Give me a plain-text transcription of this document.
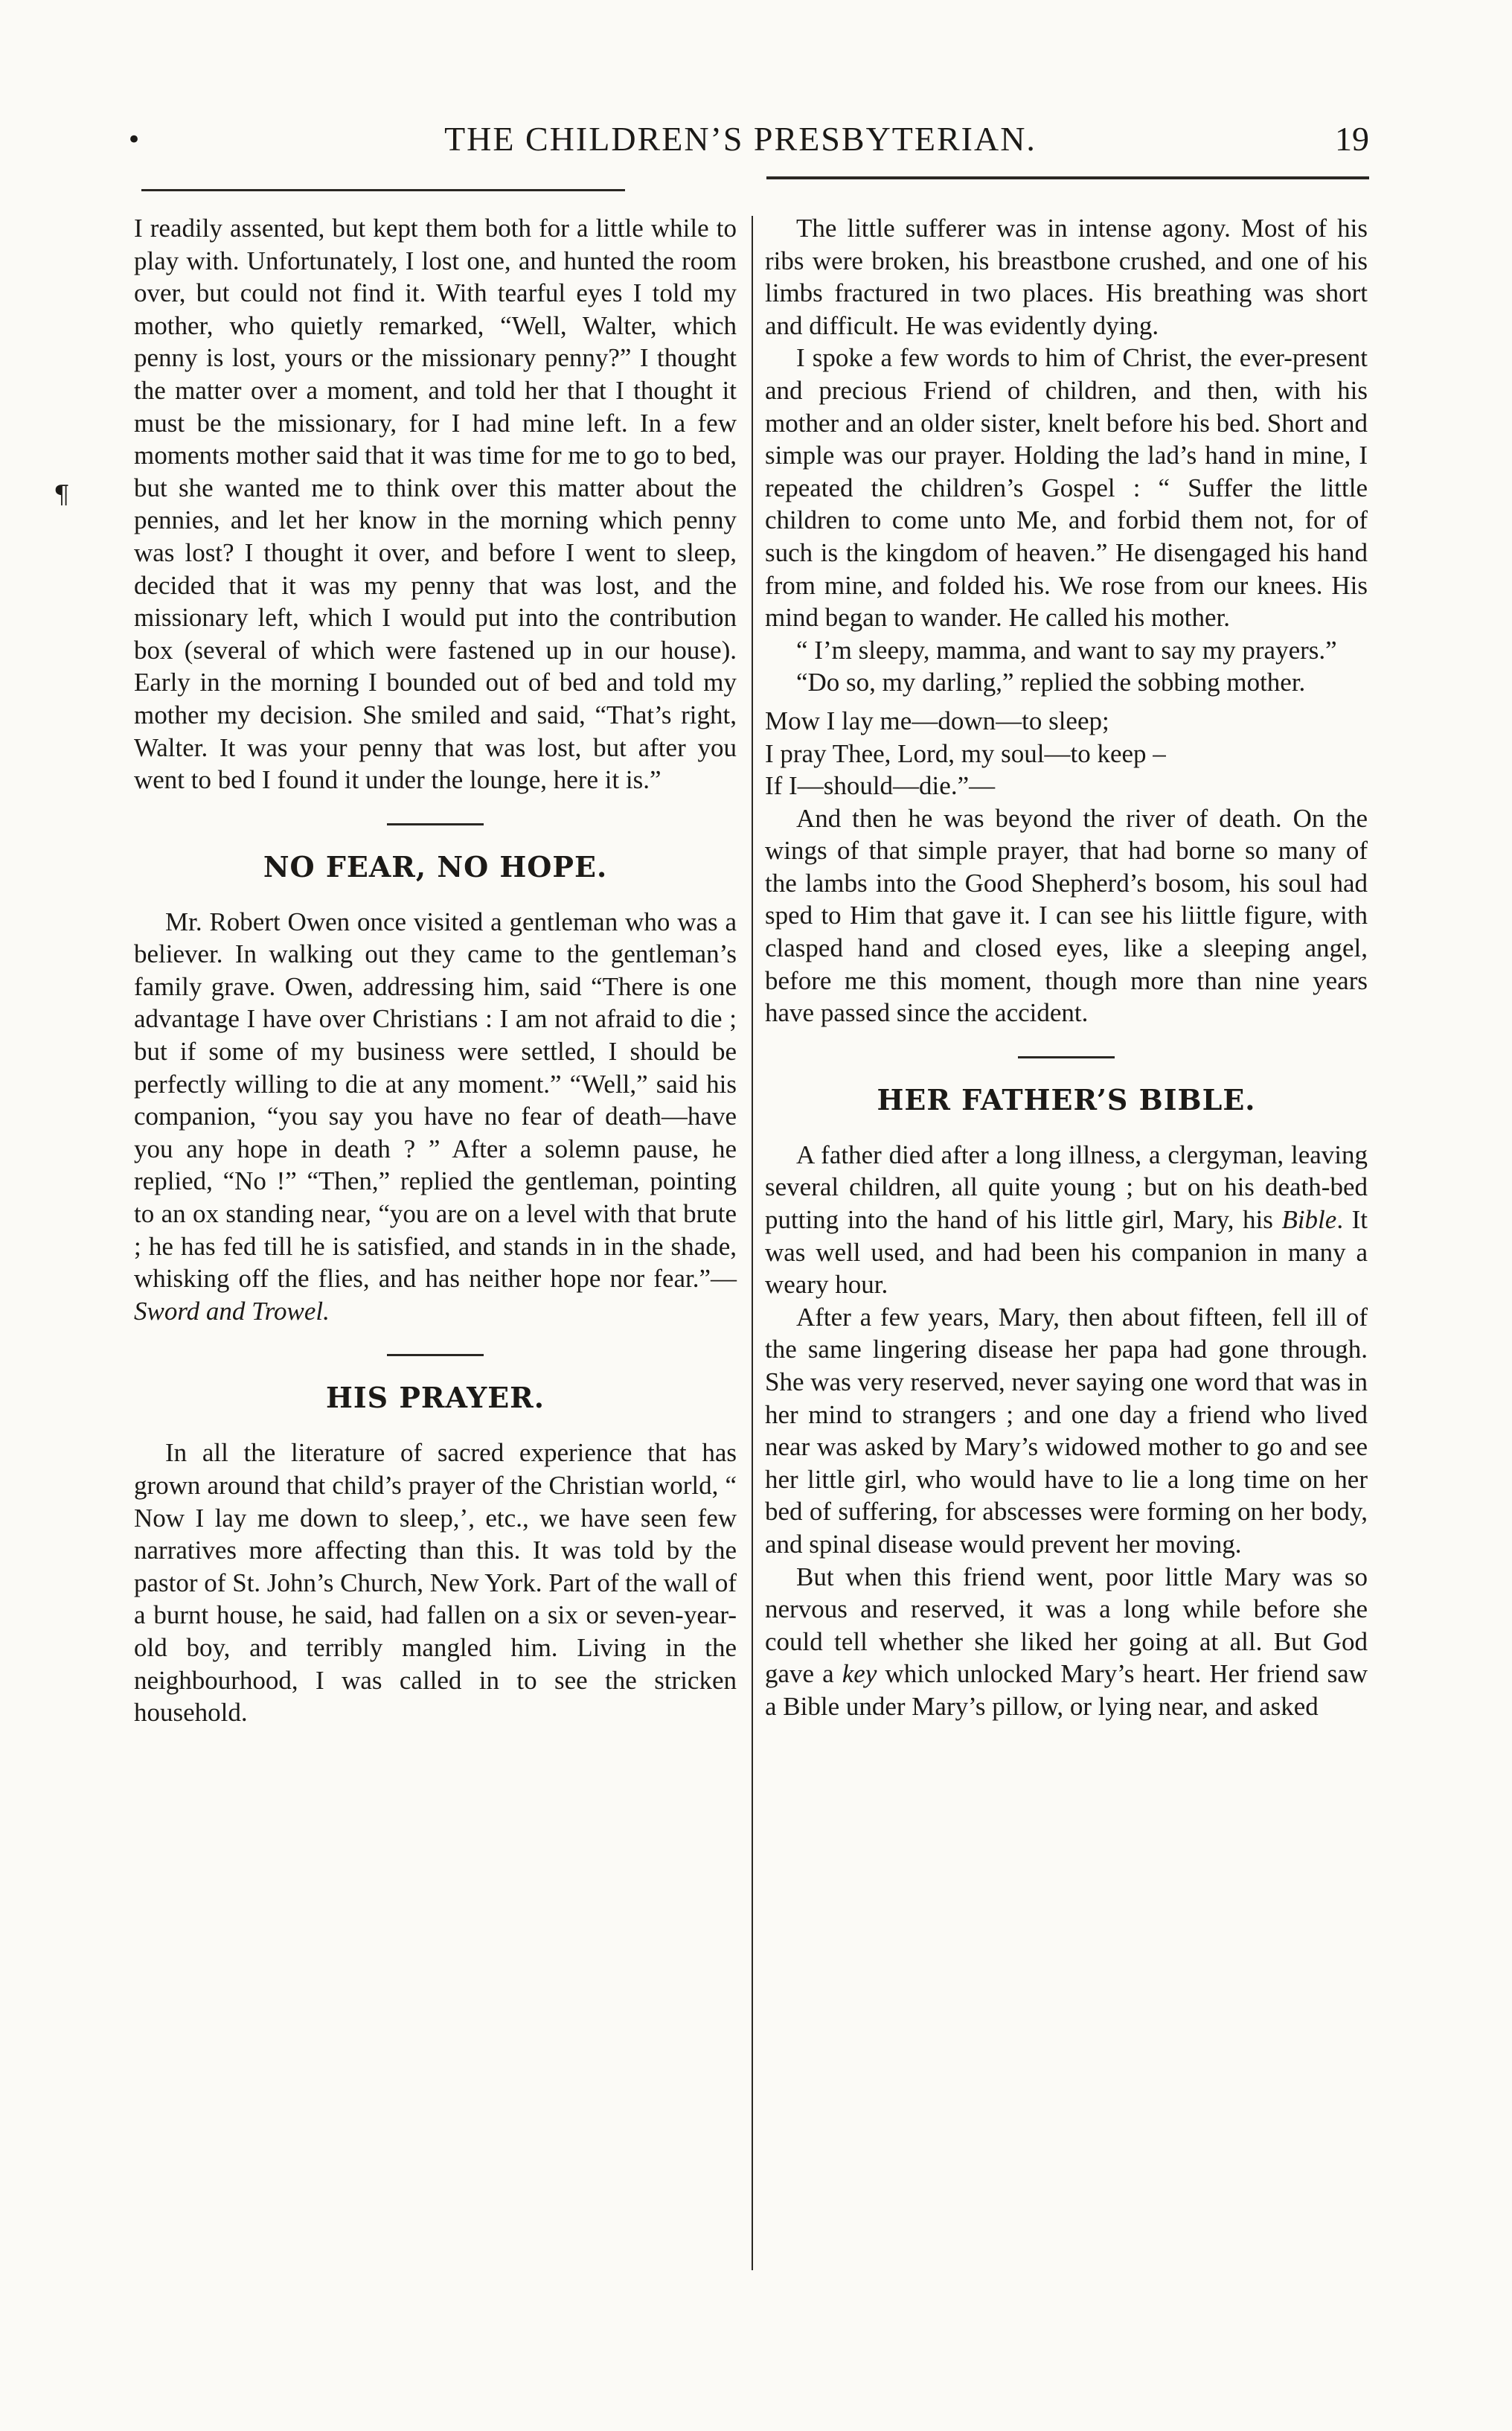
•	THE CHILDREN’S PRESBYTERIAN.	19
¶

I readily assented, but kept them both for a little while to play with. Unfortunately, I lost one, and hunted the room over, but could not find it. With tearful eyes I told my mother, who quietly remarked, “Well, Walter, which penny is lost, yours or the missionary penny?” I thought the matter over a moment, and told her that I thought it must be the missionary, for I had mine left. In a few moments mother said that it was time for me to go to bed, but she wanted me to think over this matter about the pennies, and let her know in the morning which penny was lost? I thought it over, and before I went to sleep, decided that it was my penny that was lost, and the missionary left, which I would put into the contribution box (several of which were fastened up in our house). Early in the morning I bounded out of bed and told my mother my decision. She smiled and said, “That’s right, Walter. It was your penny that was lost, but after you went to bed I found it under the lounge, here it is.”

NO FEAR, NO HOPE.

Mr. Robert Owen once visited a gentleman who was a believer. In walking out they came to the gentleman’s family grave. Owen, addressing him, said “There is one advantage I have over Christians : I am not afraid to die ; but if some of my business were settled, I should be perfectly willing to die at any moment.” “Well,” said his companion, “you say you have no fear of death—have you any hope in death ? ” After a solemn pause, he replied, “No !” “Then,” replied the gentleman, pointing to an ox standing near, “you are on a level with that brute ; he has fed till he is satisfied, and stands in in the shade, whisking off the flies, and has neither hope nor fear.”—Sword and Trowel.

HIS PRAYER.

In all the literature of sacred experience that has grown around that child’s prayer of the Christian world, “ Now I lay me down to sleep,’, etc., we have seen few narratives more affecting than this. It was told by the pastor of St. John’s Church, New York. Part of the wall of a burnt house, he said, had fallen on a six or seven-year-old boy, and terribly mangled him. Living in the neighbourhood, I was called in to see the stricken household.

The little sufferer was in intense agony. Most of his ribs were broken, his breastbone crushed, and one of his limbs fractured in two places. His breathing was short and difficult. He was evidently dying.

I spoke a few words to him of Christ, the ever-present and precious Friend of children, and then, with his mother and an older sister, knelt before his bed. Short and simple was our prayer. Holding the lad’s hand in mine, I repeated the children’s Gospel : “ Suffer the little children to come unto Me, and forbid them not, for of such is the kingdom of heaven.” He disengaged his hand from mine, and folded his. We rose from our knees. His mind began to wander. He called his mother.

“ I’m sleepy, mamma, and want to say my prayers.”

“Do so, my darling,” replied the sobbing mother.

Mow I lay me—down—to sleep;
I pray Thee, Lord, my soul—to keep –
If I—should—die.”—

And then he was beyond the river of death. On the wings of that simple prayer, that had borne so many of the lambs into the Good Shepherd’s bosom, his soul had sped to Him that gave it. I can see his liittle figure, with clasped hand and closed eyes, like a sleeping angel, before me this moment, though more than nine years have passed since the accident.

HER FATHER’S BIBLE.

A father died after a long illness, a clergyman, leaving several children, all quite young ; but on his death-bed putting into the hand of his little girl, Mary, his Bible. It was well used, and had been his companion in many a weary hour.

After a few years, Mary, then about fifteen, fell ill of the same lingering disease her papa had gone through. She was very reserved, never saying one word that was in her mind to strangers ; and one day a friend who lived near was asked by Mary’s widowed mother to go and see her little girl, who would have to lie a long time on her bed of suffering, for abscesses were forming on her body, and spinal disease would prevent her moving.

But when this friend went, poor little Mary was so nervous and reserved, it was a long while before she could tell whether she liked her going at all. But God gave a key which unlocked Mary’s heart. Her friend saw a Bible under Mary’s pillow, or lying near, and asked
